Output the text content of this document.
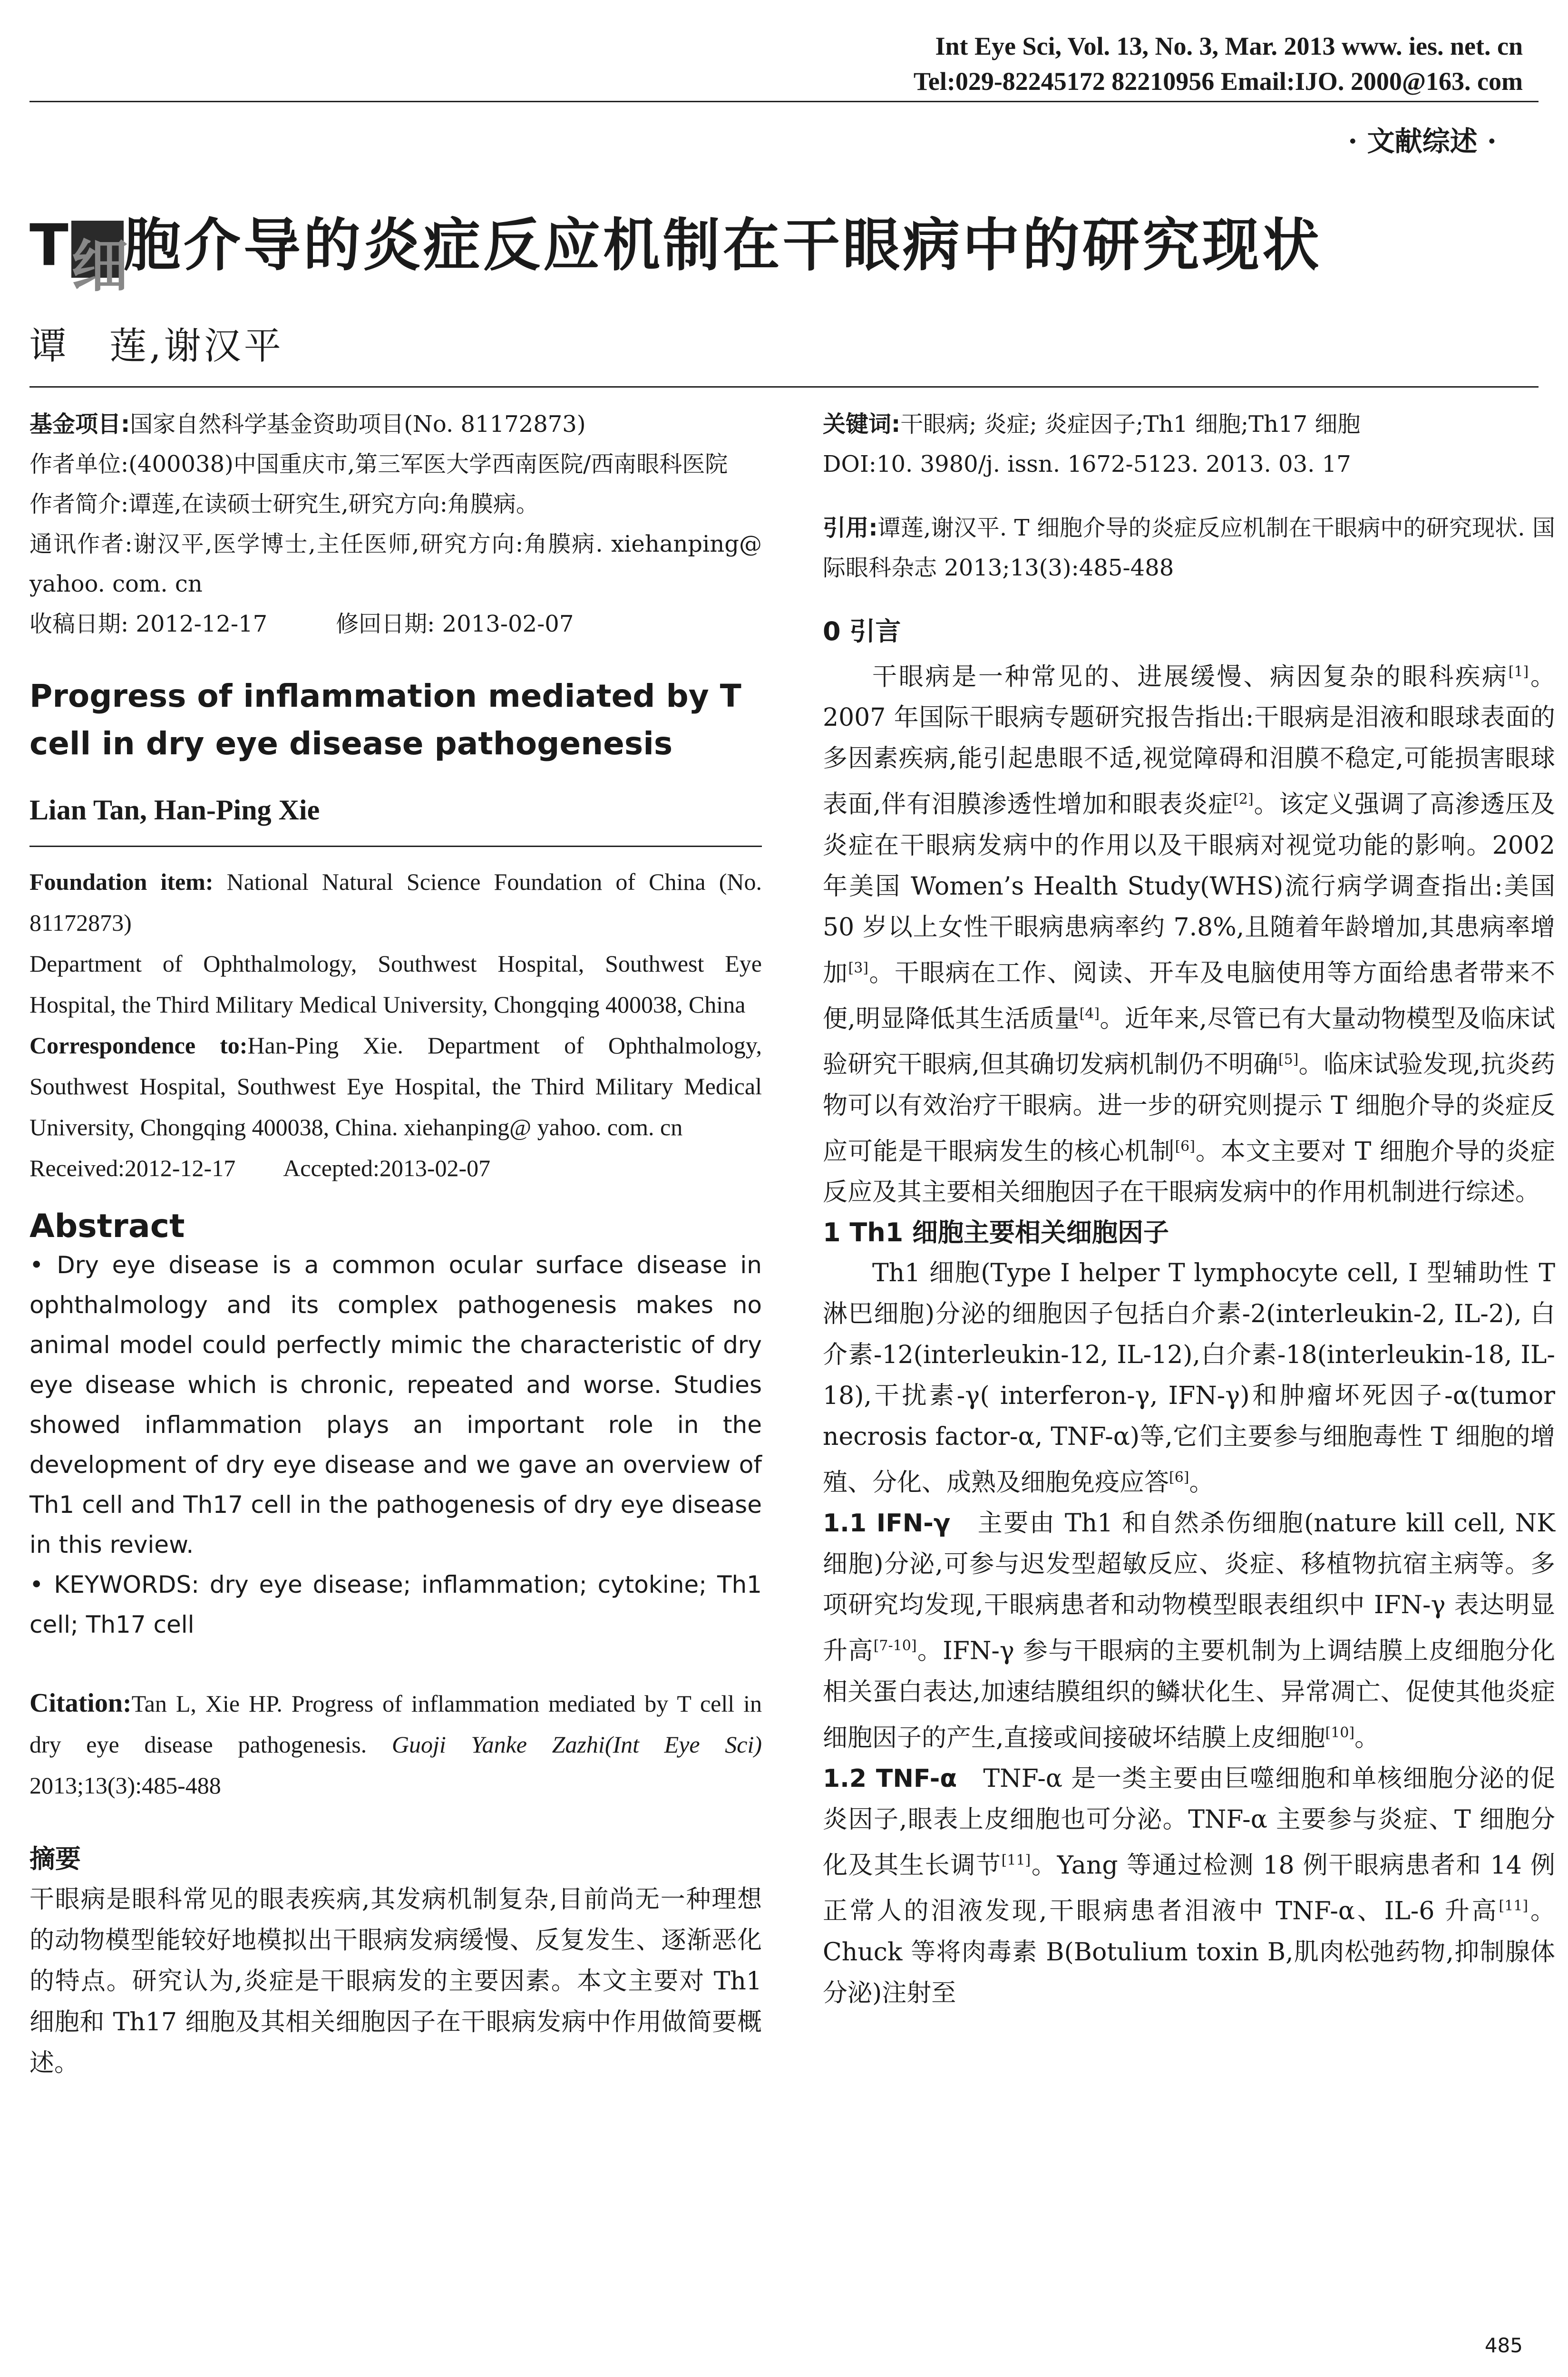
Int Eye Sci, Vol. 13, No. 3, Mar. 2013 www. ies. net. cn
Tel:029-82245172 82210956 Email:IJO. 2000@163. com
· 文献综述 ·
T细胞介导的炎症反应机制在干眼病中的研究现状
谭　莲,谢汉平

基金项目:国家自然科学基金资助项目(No. 81172873)

作者单位:(400038)中国重庆市,第三军医大学西南医院/西南眼科医院

作者简介:谭莲,在读硕士研究生,研究方向:角膜病。

通讯作者:谢汉平,医学博士,主任医师,研究方向:角膜病. xiehanping@ yahoo. com. cn

收稿日期: 2012-12-17　　　修回日期: 2013-02-07

Progress of inflammation mediated by T cell in dry eye disease pathogenesis
Lian Tan, Han-Ping Xie

Foundation item: National Natural Science Foundation of China (No. 81172873)

Department of Ophthalmology, Southwest Hospital, Southwest Eye Hospital, the Third Military Medical University, Chongqing 400038, China

Correspondence to:Han-Ping Xie. Department of Ophthalmology, Southwest Hospital, Southwest Eye Hospital, the Third Military Medical University, Chongqing 400038, China. xiehanping@ yahoo. com. cn

Received:2012-12-17　　Accepted:2013-02-07

Abstract

• Dry eye disease is a common ocular surface disease in ophthalmology and its complex pathogenesis makes no animal model could perfectly mimic the characteristic of dry eye disease which is chronic, repeated and worse. Studies showed inflammation plays an important role in the development of dry eye disease and we gave an overview of Th1 cell and Th17 cell in the pathogenesis of dry eye disease in this review.

• KEYWORDS: dry eye disease; inflammation; cytokine; Th1 cell; Th17 cell

Citation:Tan L, Xie HP. Progress of inflammation mediated by T cell in dry eye disease pathogenesis. Guoji Yanke Zazhi(Int Eye Sci) 2013;13(3):485-488

摘要

干眼病是眼科常见的眼表疾病,其发病机制复杂,目前尚无一种理想的动物模型能较好地模拟出干眼病发病缓慢、反复发生、逐渐恶化的特点。研究认为,炎症是干眼病发的主要因素。本文主要对 Th1 细胞和 Th17 细胞及其相关细胞因子在干眼病发病中作用做简要概述。

关键词:干眼病; 炎症; 炎症因子;Th1 细胞;Th17 细胞

DOI:10. 3980/j. issn. 1672-5123. 2013. 03. 17

引用:谭莲,谢汉平. T 细胞介导的炎症反应机制在干眼病中的研究现状. 国际眼科杂志 2013;13(3):485-488

0 引言

干眼病是一种常见的、进展缓慢、病因复杂的眼科疾病[1]。2007 年国际干眼病专题研究报告指出:干眼病是泪液和眼球表面的多因素疾病,能引起患眼不适,视觉障碍和泪膜不稳定,可能损害眼球表面,伴有泪膜渗透性增加和眼表炎症[2]。该定义强调了高渗透压及炎症在干眼病发病中的作用以及干眼病对视觉功能的影响。2002 年美国 Women’s Health Study(WHS)流行病学调查指出:美国 50 岁以上女性干眼病患病率约 7.8%,且随着年龄增加,其患病率增加[3]。干眼病在工作、阅读、开车及电脑使用等方面给患者带来不便,明显降低其生活质量[4]。近年来,尽管已有大量动物模型及临床试验研究干眼病,但其确切发病机制仍不明确[5]。临床试验发现,抗炎药物可以有效治疗干眼病。进一步的研究则提示 T 细胞介导的炎症反应可能是干眼病发生的核心机制[6]。本文主要对 T 细胞介导的炎症反应及其主要相关细胞因子在干眼病发病中的作用机制进行综述。

1 Th1 细胞主要相关细胞因子

Th1 细胞(Type I helper T lymphocyte cell, I 型辅助性 T 淋巴细胞)分泌的细胞因子包括白介素-2(interleukin-2, IL-2), 白介素-12(interleukin-12, IL-12),白介素-18(interleukin-18, IL-18),干扰素-γ( interferon-γ, IFN-γ)和肿瘤坏死因子-α(tumor necrosis factor-α, TNF-α)等,它们主要参与细胞毒性 T 细胞的增殖、分化、成熟及细胞免疫应答[6]。

1.1 IFN-γ　主要由 Th1 和自然杀伤细胞(nature kill cell, NK 细胞)分泌,可参与迟发型超敏反应、炎症、移植物抗宿主病等。多项研究均发现,干眼病患者和动物模型眼表组织中 IFN-γ 表达明显升高[7-10]。IFN-γ 参与干眼病的主要机制为上调结膜上皮细胞分化相关蛋白表达,加速结膜组织的鳞状化生、异常凋亡、促使其他炎症细胞因子的产生,直接或间接破坏结膜上皮细胞[10]。

1.2 TNF-α　TNF-α 是一类主要由巨噬细胞和单核细胞分泌的促炎因子,眼表上皮细胞也可分泌。TNF-α 主要参与炎症、T 细胞分化及其生长调节[11]。Yang 等通过检测 18 例干眼病患者和 14 例正常人的泪液发现,干眼病患者泪液中 TNF-α、IL-6 升高[11]。Chuck 等将肉毒素 B(Botulium toxin B,肌肉松弛药物,抑制腺体分泌)注射至

485
